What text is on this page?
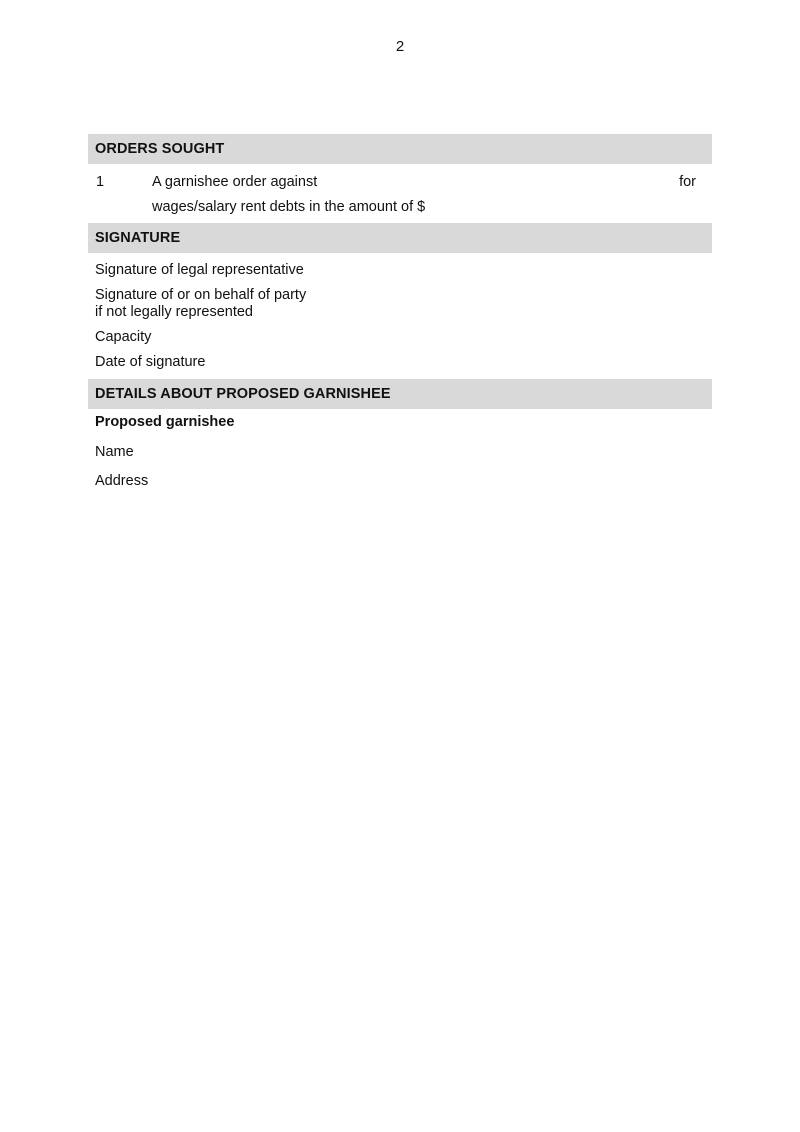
2
ORDERS SOUGHT
1	A garnishee order against	for
wages/salary rent debts in the amount of $
SIGNATURE
Signature of legal representative
Signature of or on behalf of party
if not legally represented
Capacity
Date of signature
DETAILS ABOUT PROPOSED GARNISHEE
Proposed garnishee
Name
Address
